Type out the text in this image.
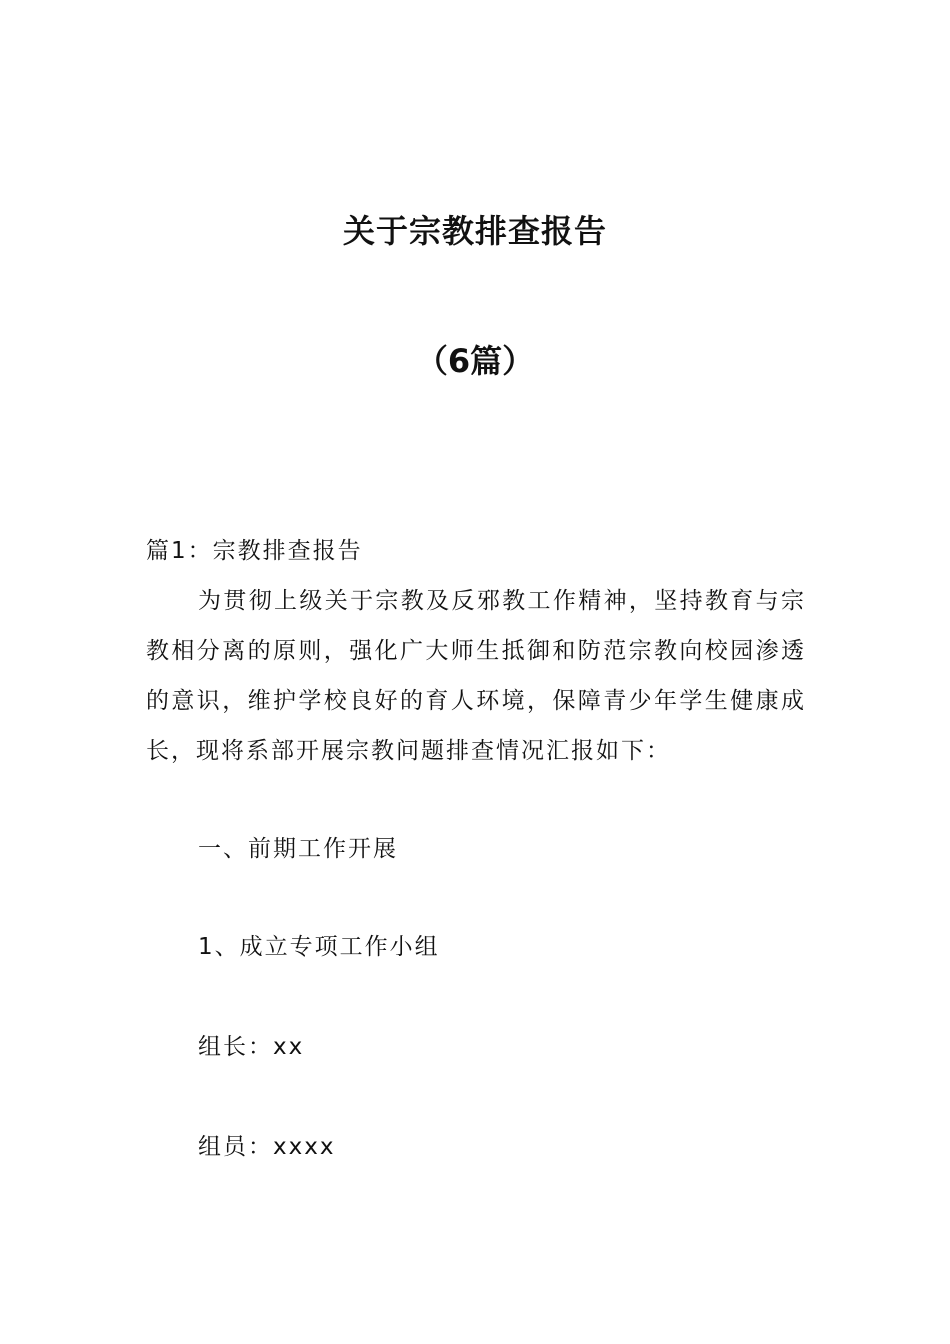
关于宗教排查报告
（6篇）
篇1：宗教排查报告
为贯彻上级关于宗教及反邪教工作精神，坚持教育与宗教相分离的原则，强化广大师生抵御和防范宗教向校园渗透的意识，维护学校良好的育人环境，保障青少年学生健康成长，现将系部开展宗教问题排查情况汇报如下：
一、前期工作开展
1、成立专项工作小组
组长：xx
组员：xxxx
